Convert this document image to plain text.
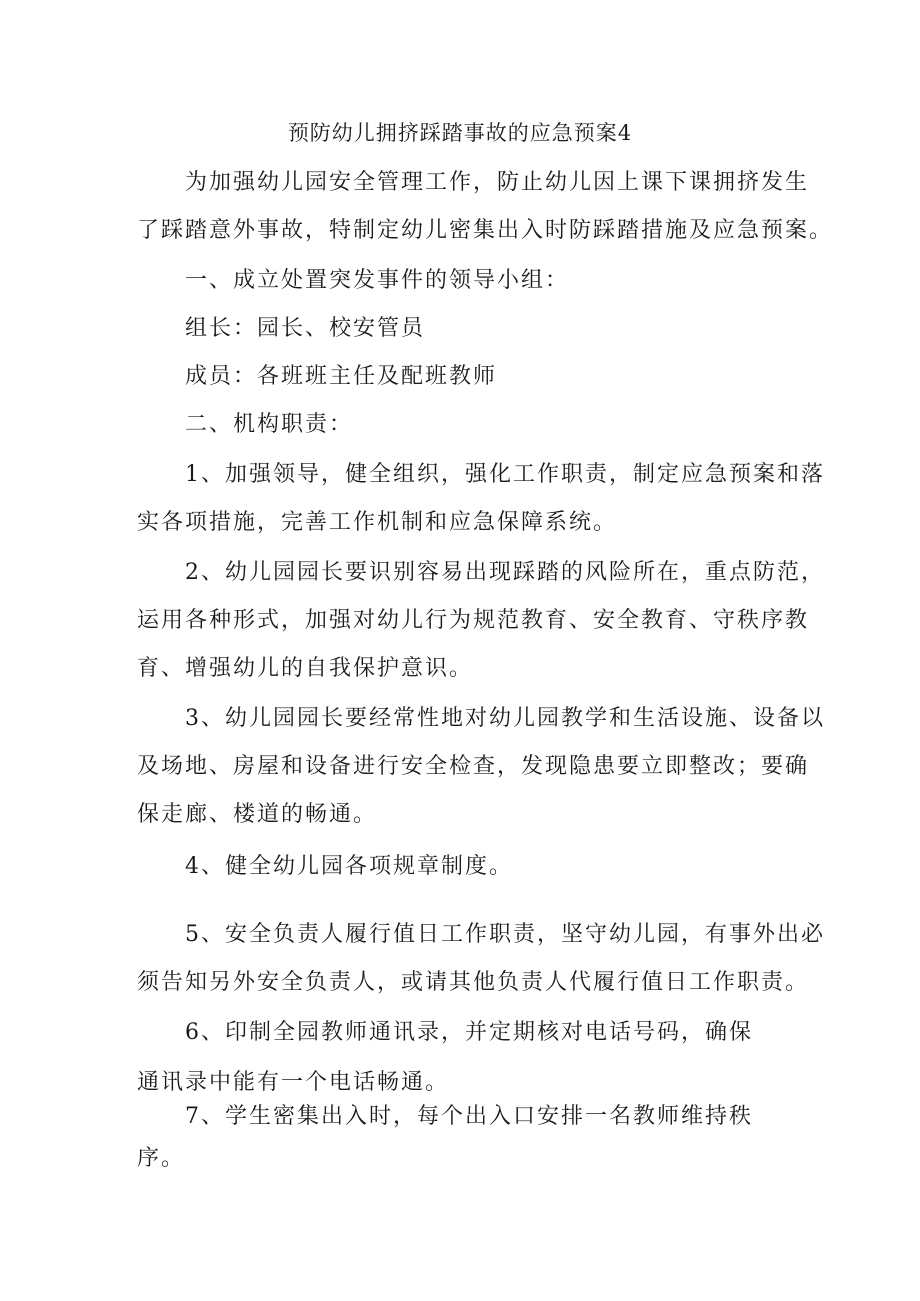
预防幼儿拥挤踩踏事故的应急预案4
为加强幼儿园安全管理工作，防止幼儿因上课下课拥挤发生
了踩踏意外事故，特制定幼儿密集出入时防踩踏措施及应急预案。
一、成立处置突发事件的领导小组：
组长：园长、校安管员
成员：各班班主任及配班教师
二、机构职责：
1、加强领导，健全组织，强化工作职责，制定应急预案和落
实各项措施，完善工作机制和应急保障系统。
2、幼儿园园长要识别容易出现踩踏的风险所在，重点防范，
运用各种形式，加强对幼儿行为规范教育、安全教育、守秩序教
育、增强幼儿的自我保护意识。
3、幼儿园园长要经常性地对幼儿园教学和生活设施、设备以
及场地、房屋和设备进行安全检查，发现隐患要立即整改；要确
保走廊、楼道的畅通。
4、健全幼儿园各项规章制度。
5、安全负责人履行值日工作职责，坚守幼儿园，有事外出必
须告知另外安全负责人，或请其他负责人代履行值日工作职责。
6、印制全园教师通讯录，并定期核对电话号码，确保
通讯录中能有一个电话畅通。
7、学生密集出入时，每个出入口安排一名教师维持秩
序。
